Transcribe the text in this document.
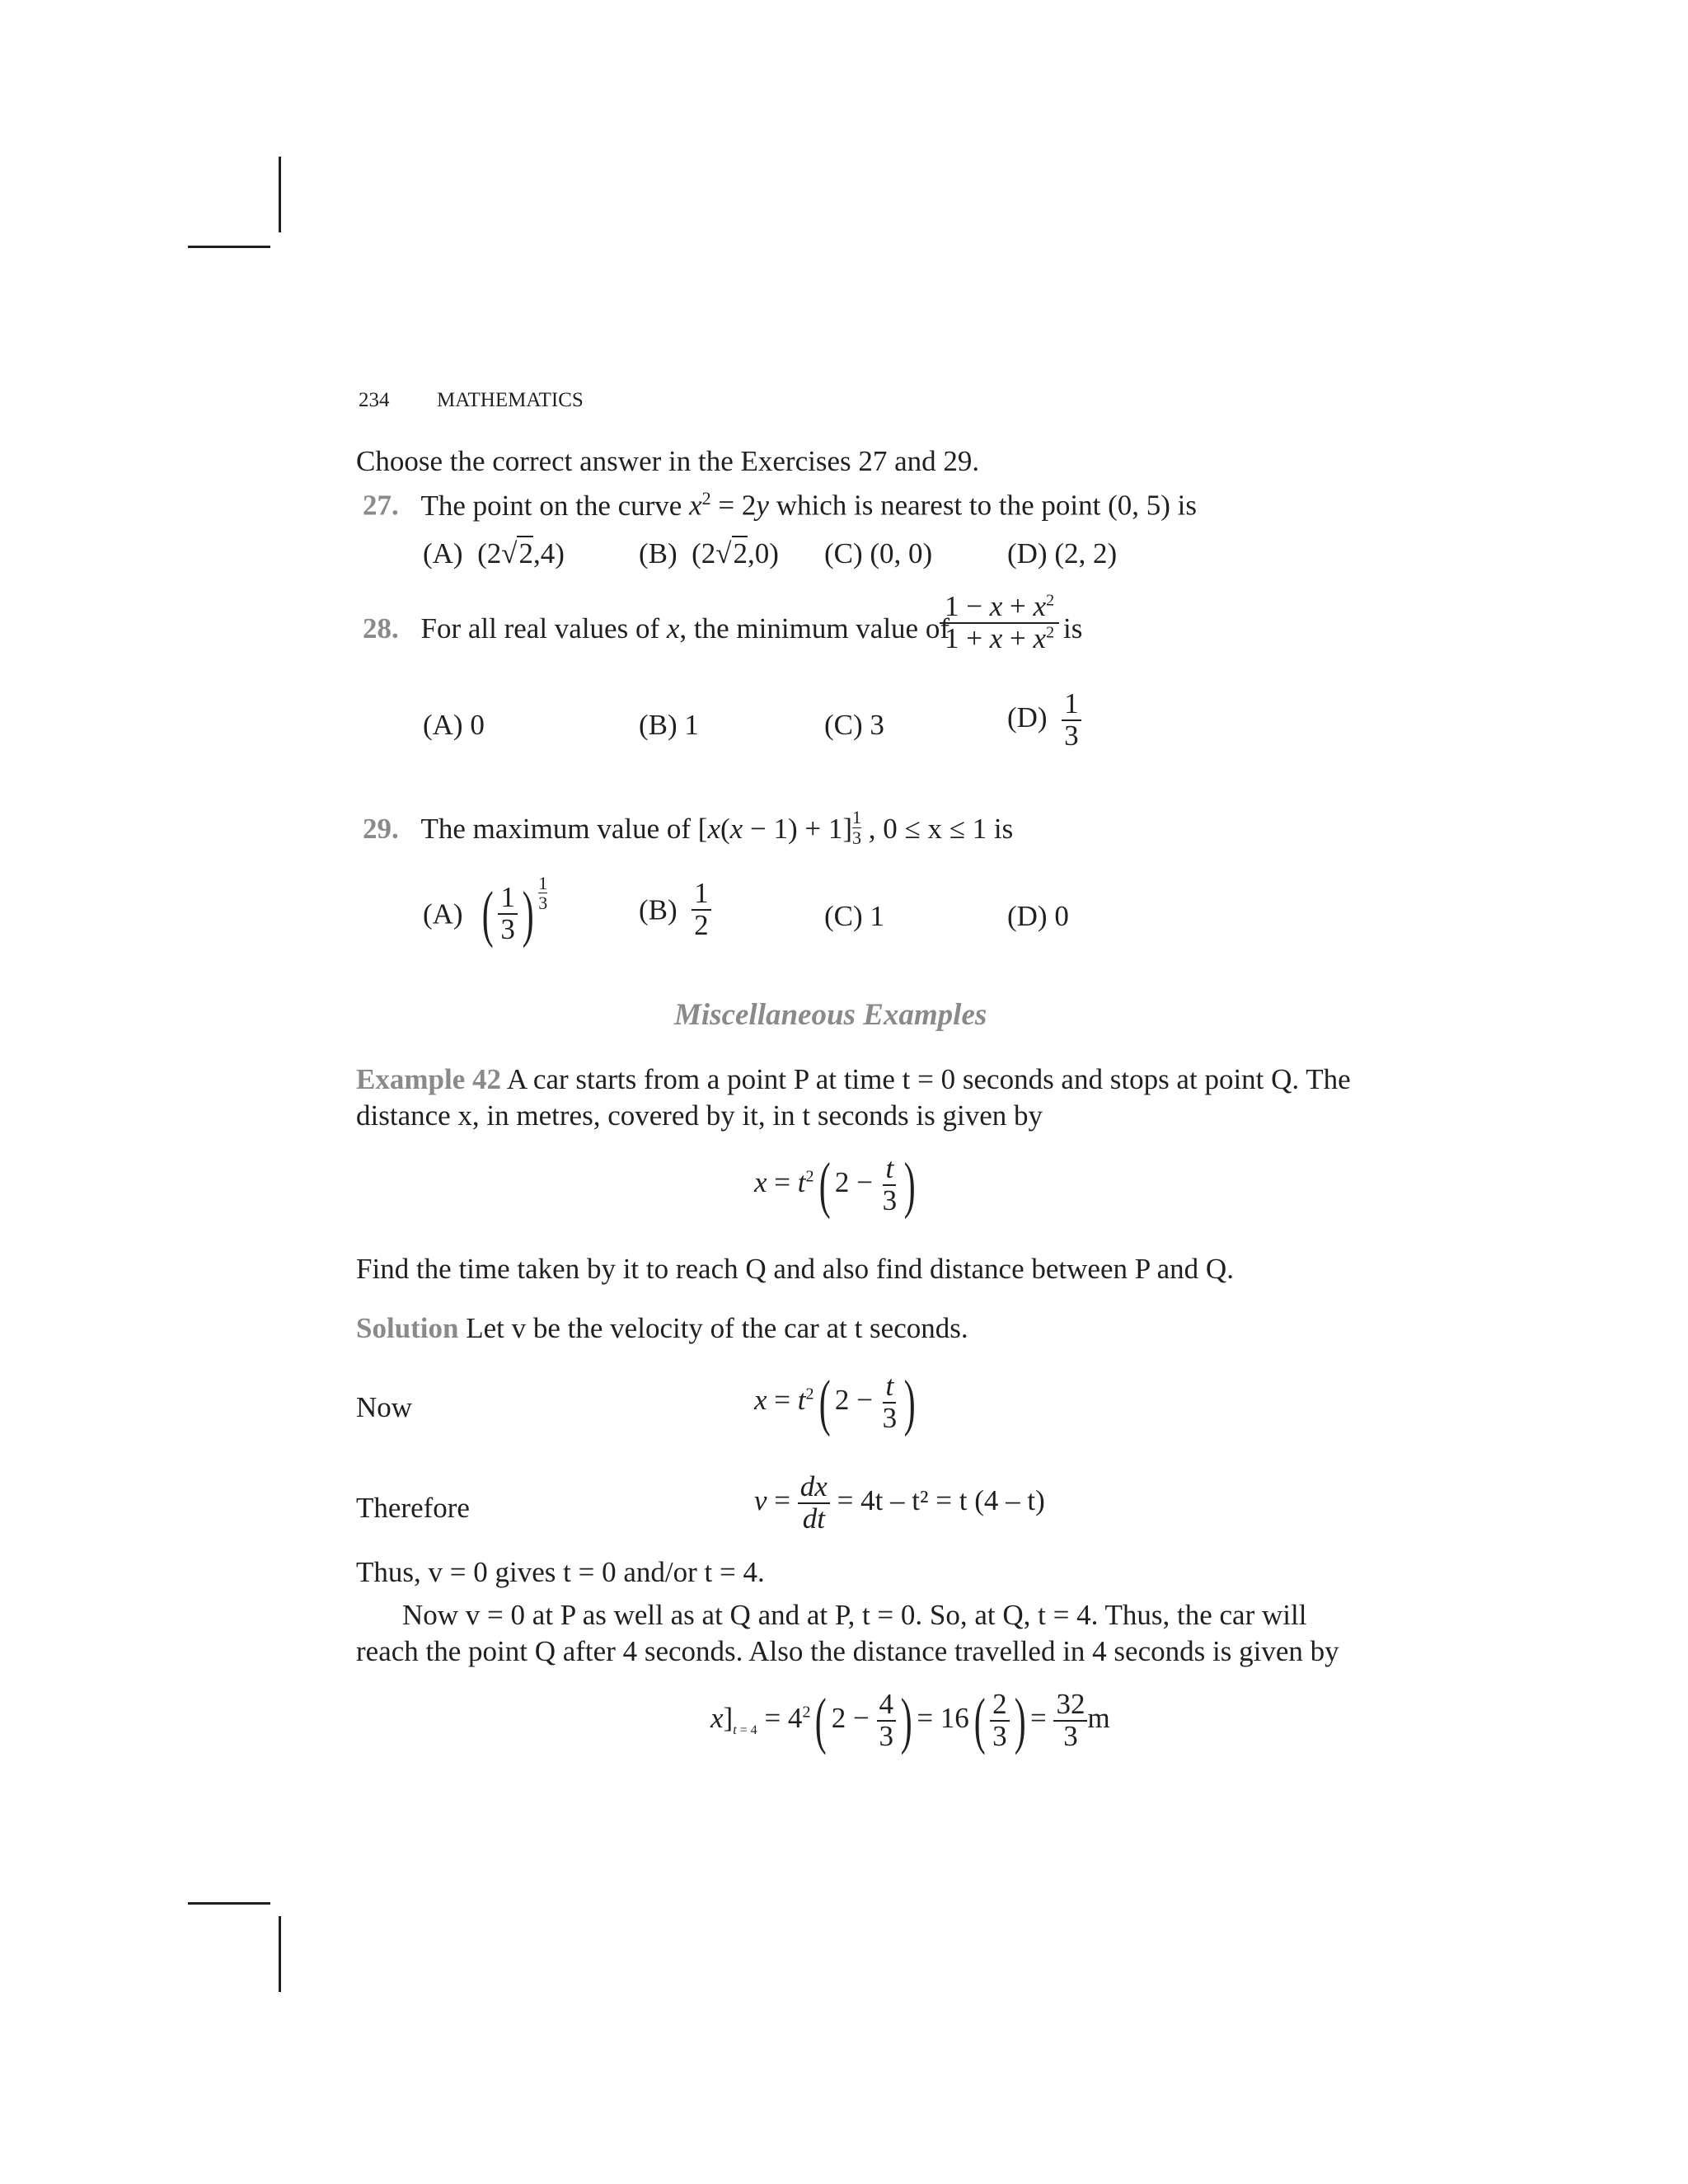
234 MATHEMATICS
Choose the correct answer in the Exercises 27 and 29.
27. The point on the curve $x^2 = 2y$ which is nearest to the point (0, 5) is
(A)  (2√2,4)	(B)  (2√2,0) (C) (0, 0)	(D) (2, 2)
28. For all real values of x, the minimum value of
$\frac{1 - x + x^2}{1 + x + x^2}$ is
(A) 0	(B) 1	(C) 3	$(D) \frac{1}{3}$
29. The maximum value of [x(x − 1) + 1] $^{\frac{1}{3}}$ , 0 ≤ x ≤ 1 is
(A) ( $\frac{1}{3}$ ) $^{\frac{1}{3}}$	$(B) \frac{1}{2}$	(C) 1	(D) 0
Miscellaneous Examples
Example 42 A car starts from a point P at time t = 0 seconds and stops at point Q. The
distance x, in metres, covered by it, in t seconds is given by
$x = t^2$( $2 - \frac{t}{3}$ )
Find the time taken by it to reach Q and also find distance between P and Q.
Solution Let v be the velocity of the car at t seconds.
Now	$x = t^2$( $2 - \frac{t}{3}$ )
Therefore	$v = \frac{dx}{dt} = 4t - t^2 = t$ (4 – t)
Thus, v = 0 gives t = 0 and/or t = 4.
Now v = 0 at P as well as at Q and at P, t = 0. So, at Q, t = 4. Thus, the car will
reach the point Q after 4 seconds. Also the distance travelled in 4 seconds is given by
$x]_{t = 4} = 4^2$( $2 - \frac{4}{3}$ ) = $16( \frac{2}{3}$ ) = $\frac{32}{3}$ m
